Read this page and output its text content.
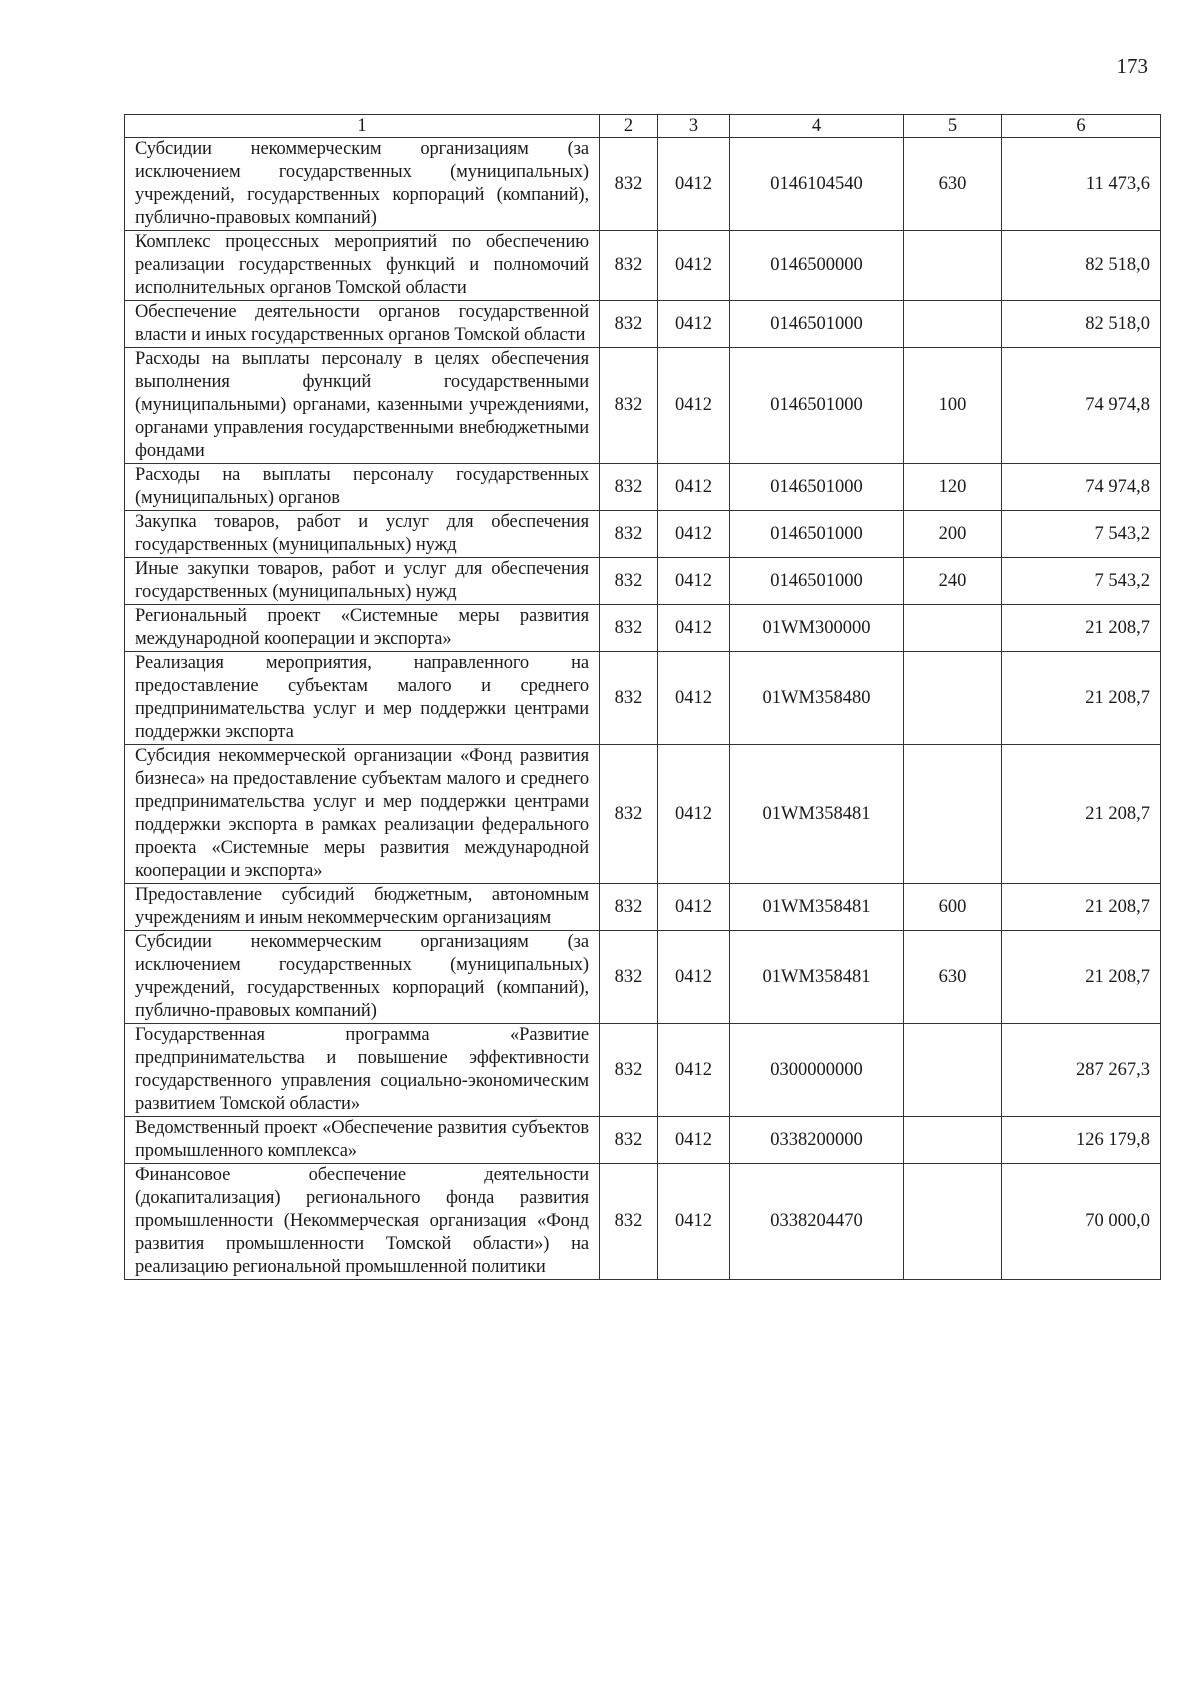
173
1	2	3	4	5	6
Субсидии некоммерческим организациям (за исключением государственных (муниципальных) учреждений, государственных корпораций (компаний), публично-правовых компаний)	832	0412	0146104540	630	11 473,6
Комплекс процессных мероприятий по обеспечению реализации государственных функций и полномочий исполнительных органов Томской области	832	0412	0146500000		82 518,0
Обеспечение деятельности органов государственной власти и иных государственных органов Томской области	832	0412	0146501000		82 518,0
Расходы на выплаты персоналу в целях обеспечения выполнения функций государственными (муниципальными) органами, казенными учреждениями, органами управления государственными внебюджетными фондами	832	0412	0146501000	100	74 974,8
Расходы на выплаты персоналу государственных (муниципальных) органов	832	0412	0146501000	120	74 974,8
Закупка товаров, работ и услуг для обеспечения государственных (муниципальных) нужд	832	0412	0146501000	200	7 543,2
Иные закупки товаров, работ и услуг для обеспечения государственных (муниципальных) нужд	832	0412	0146501000	240	7 543,2
Региональный проект «Системные меры развития международной кооперации и экспорта»	832	0412	01WM300000		21 208,7
Реализация мероприятия, направленного на предоставление субъектам малого и среднего предпринимательства услуг и мер поддержки центрами поддержки экспорта	832	0412	01WM358480		21 208,7
Субсидия некоммерческой организации «Фонд развития бизнеса» на предоставление субъектам малого и среднего предпринимательства услуг и мер поддержки центрами поддержки экспорта в рамках реализации федерального проекта «Системные меры развития международной кооперации и экспорта»	832	0412	01WM358481		21 208,7
Предоставление субсидий бюджетным, автономным учреждениям и иным некоммерческим организациям	832	0412	01WM358481	600	21 208,7
Субсидии некоммерческим организациям (за исключением государственных (муниципальных) учреждений, государственных корпораций (компаний), публично-правовых компаний)	832	0412	01WM358481	630	21 208,7
Государственная программа «Развитие предпринимательства и повышение эффективности государственного управления социально-экономическим развитием Томской области»	832	0412	0300000000		287 267,3
Ведомственный проект «Обеспечение развития субъектов промышленного комплекса»	832	0412	0338200000		126 179,8
Финансовое обеспечение деятельности (докапитализация) регионального фонда развития промышленности (Некоммерческая организация «Фонд развития промышленности Томской области») на реализацию региональной промышленной политики	832	0412	0338204470		70 000,0
